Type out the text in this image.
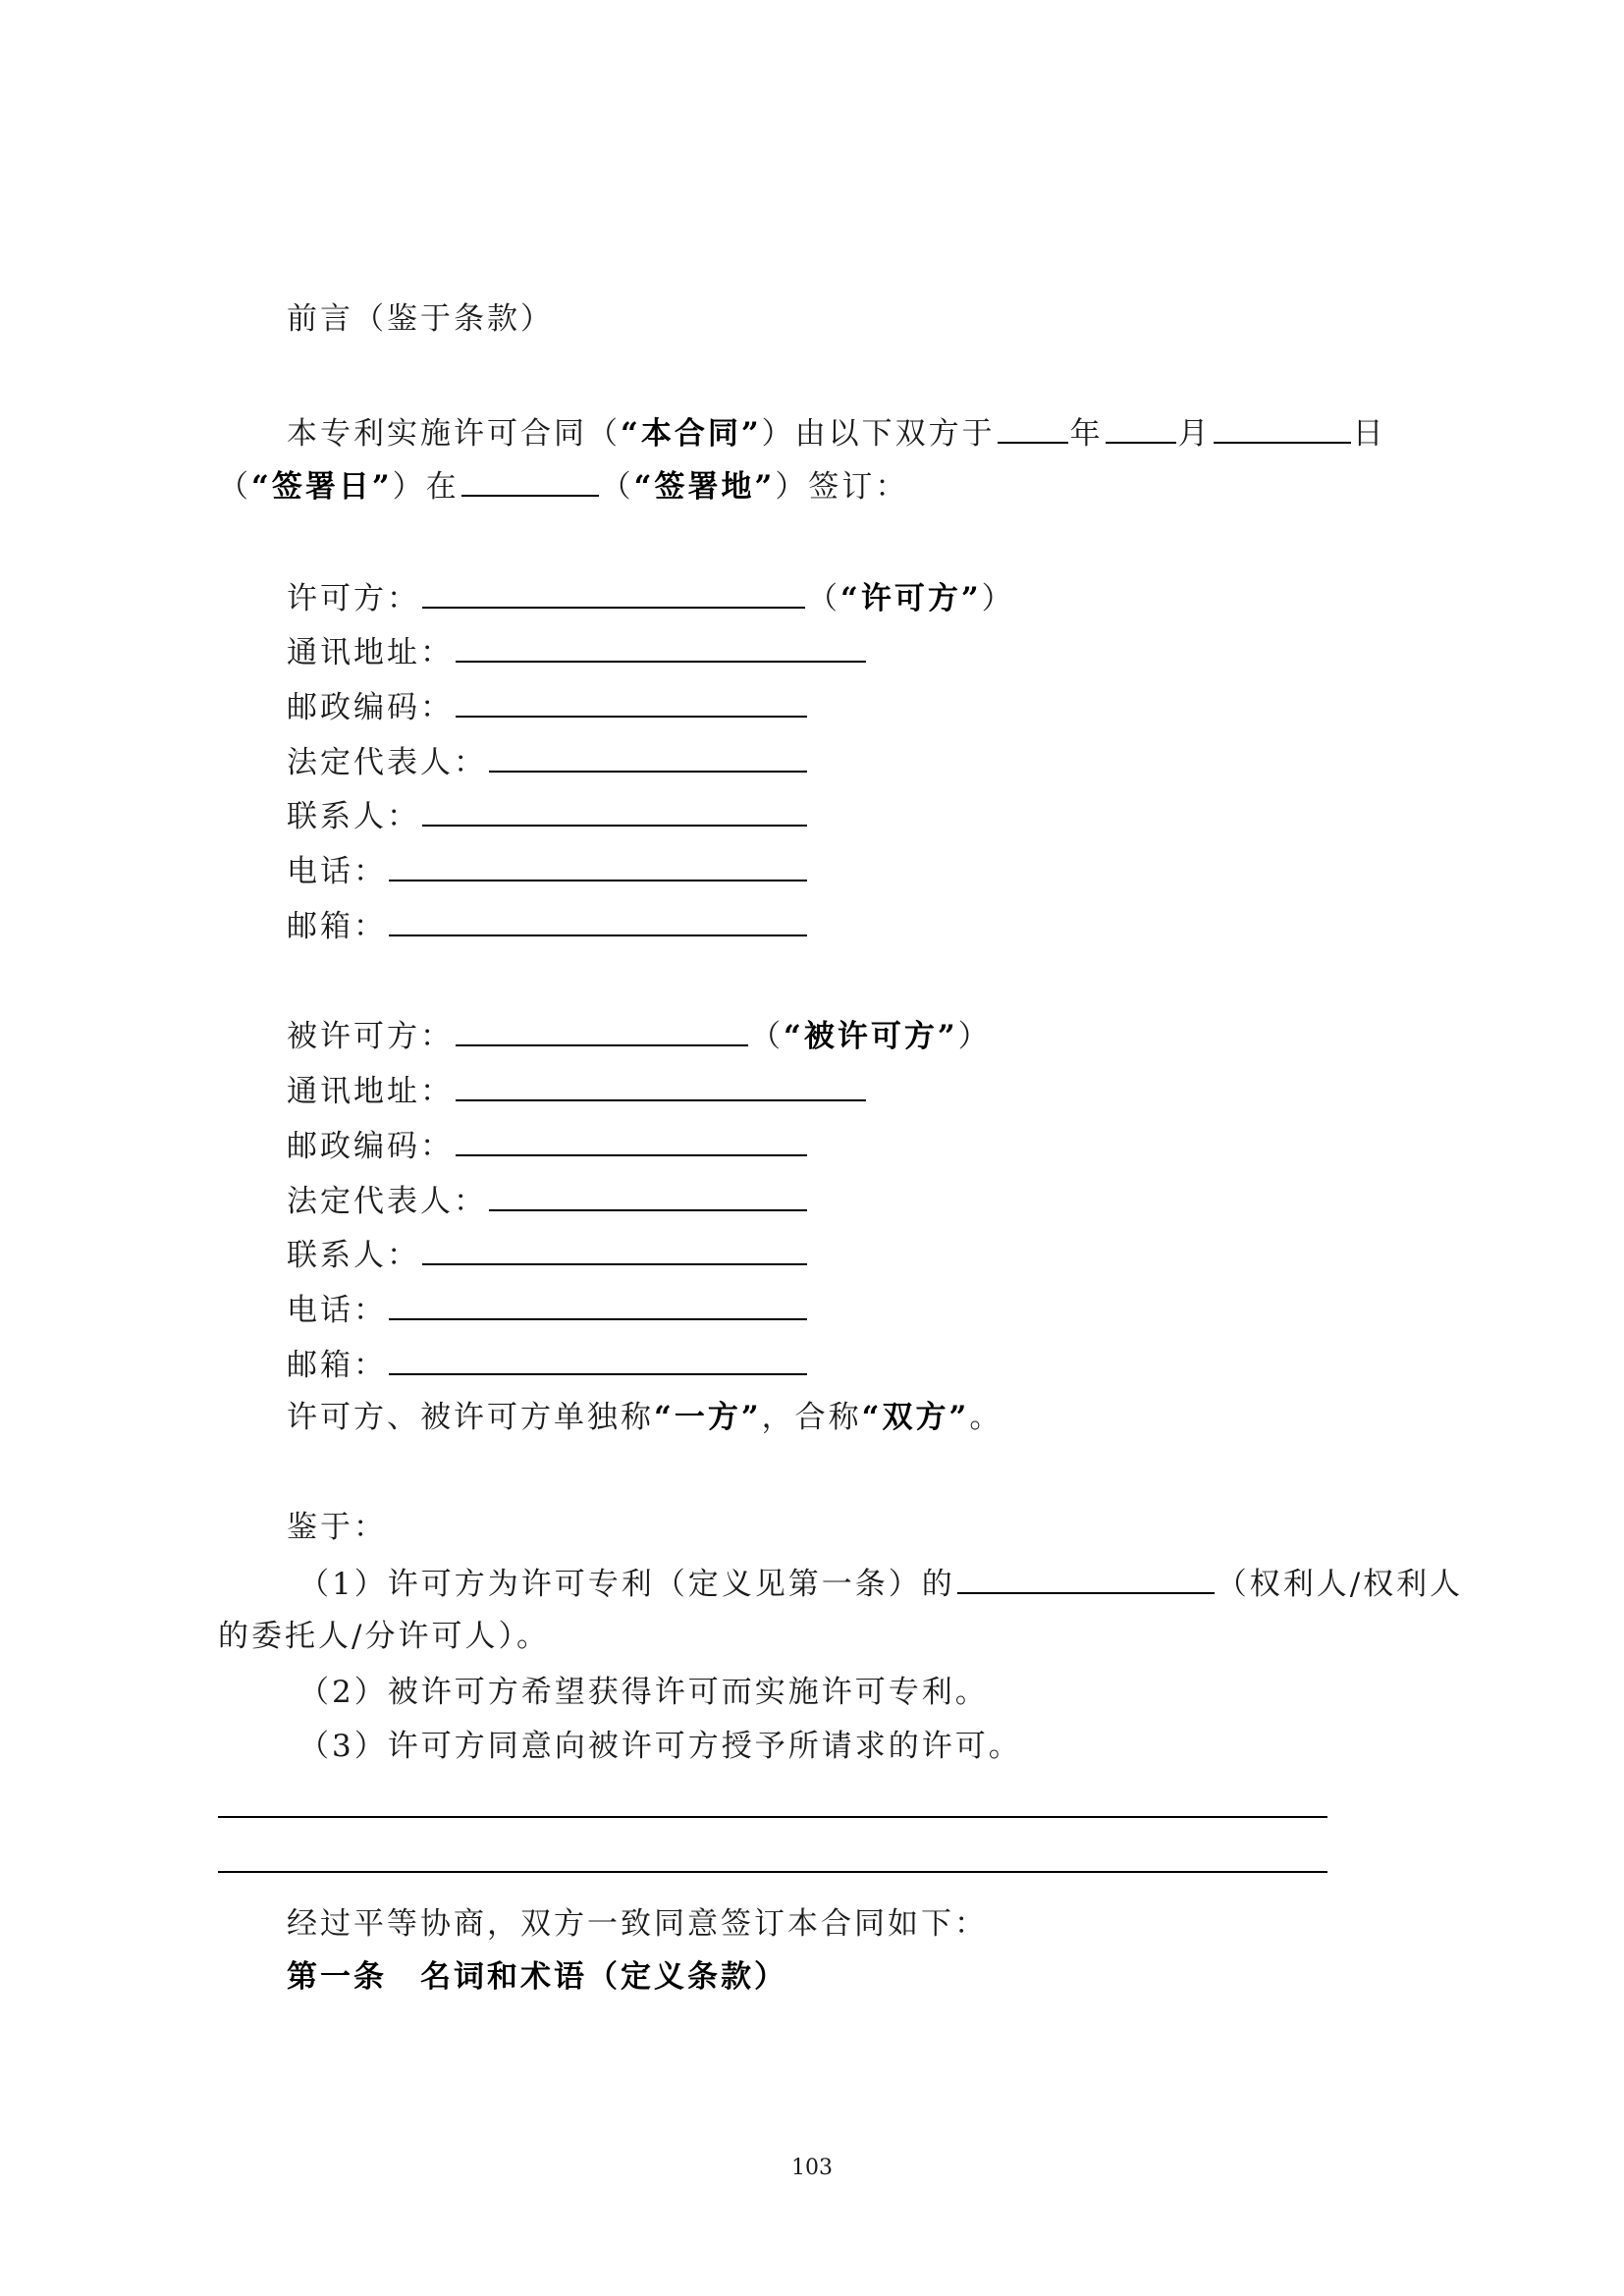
前言（鉴于条款）
本专利实施许可合同（“本合同”）由以下双方于 年 月	日
（“签署日”）在	（“签署地”）签订：
许可方：	（“许可方”）
通讯地址：
邮政编码：
法定代表人：
联系人：
电话：
邮箱：
被许可方：	（“被许可方”）
通讯地址：
邮政编码：
法定代表人：
联系人：
电话：
邮箱：
许可方、被许可方单独称“一方”，合称“双方”。
鉴于：
（1）许可方为许可专利（定义见第一条）的	（权利人/权利人
的委托人/分许可人）。
（2）被许可方希望获得许可而实施许可专利。
（3）许可方同意向被许可方授予所请求的许可。
经过平等协商，双方一致同意签订本合同如下：
第一条　名词和术语（定义条款）
103
